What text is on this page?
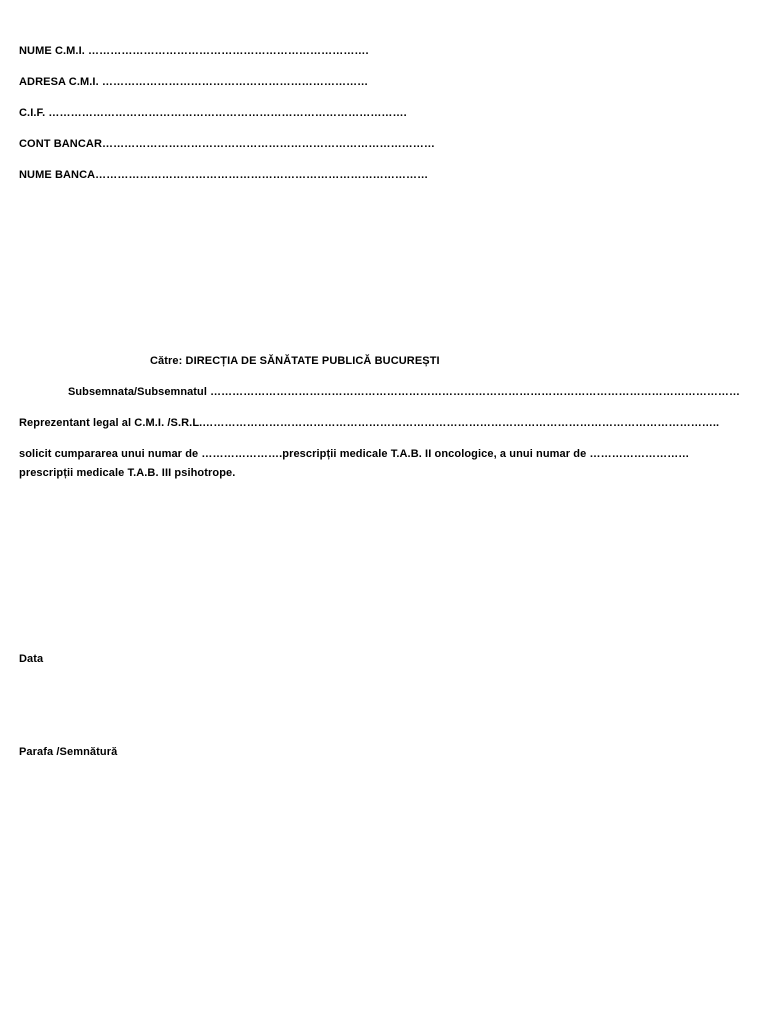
NUME C.M.I. ………………………………………………………………….
ADRESA C.M.I. ………………………………………………………………
C.I.F. …………………………………………………………………………………….
CONT BANCAR………………………………………………………………………………
NUME BANCA………………………………………………………………………………
Către: DIRECȚIA DE SĂNĂTATE PUBLICĂ BUCUREȘTI
Subsemnata/Subsemnatul ………………………………………………………………………………………………………………………………
Reprezentant legal al C.M.I. /S.R.L.…………………………………………………………………………………………………………………………..
solicit cumpararea unui numar de ………………….prescripții medicale T.A.B. II oncologice, a unui numar de ………………………
prescripții medicale T.A.B. III psihotrope.
Data
Parafa /Semnătură
